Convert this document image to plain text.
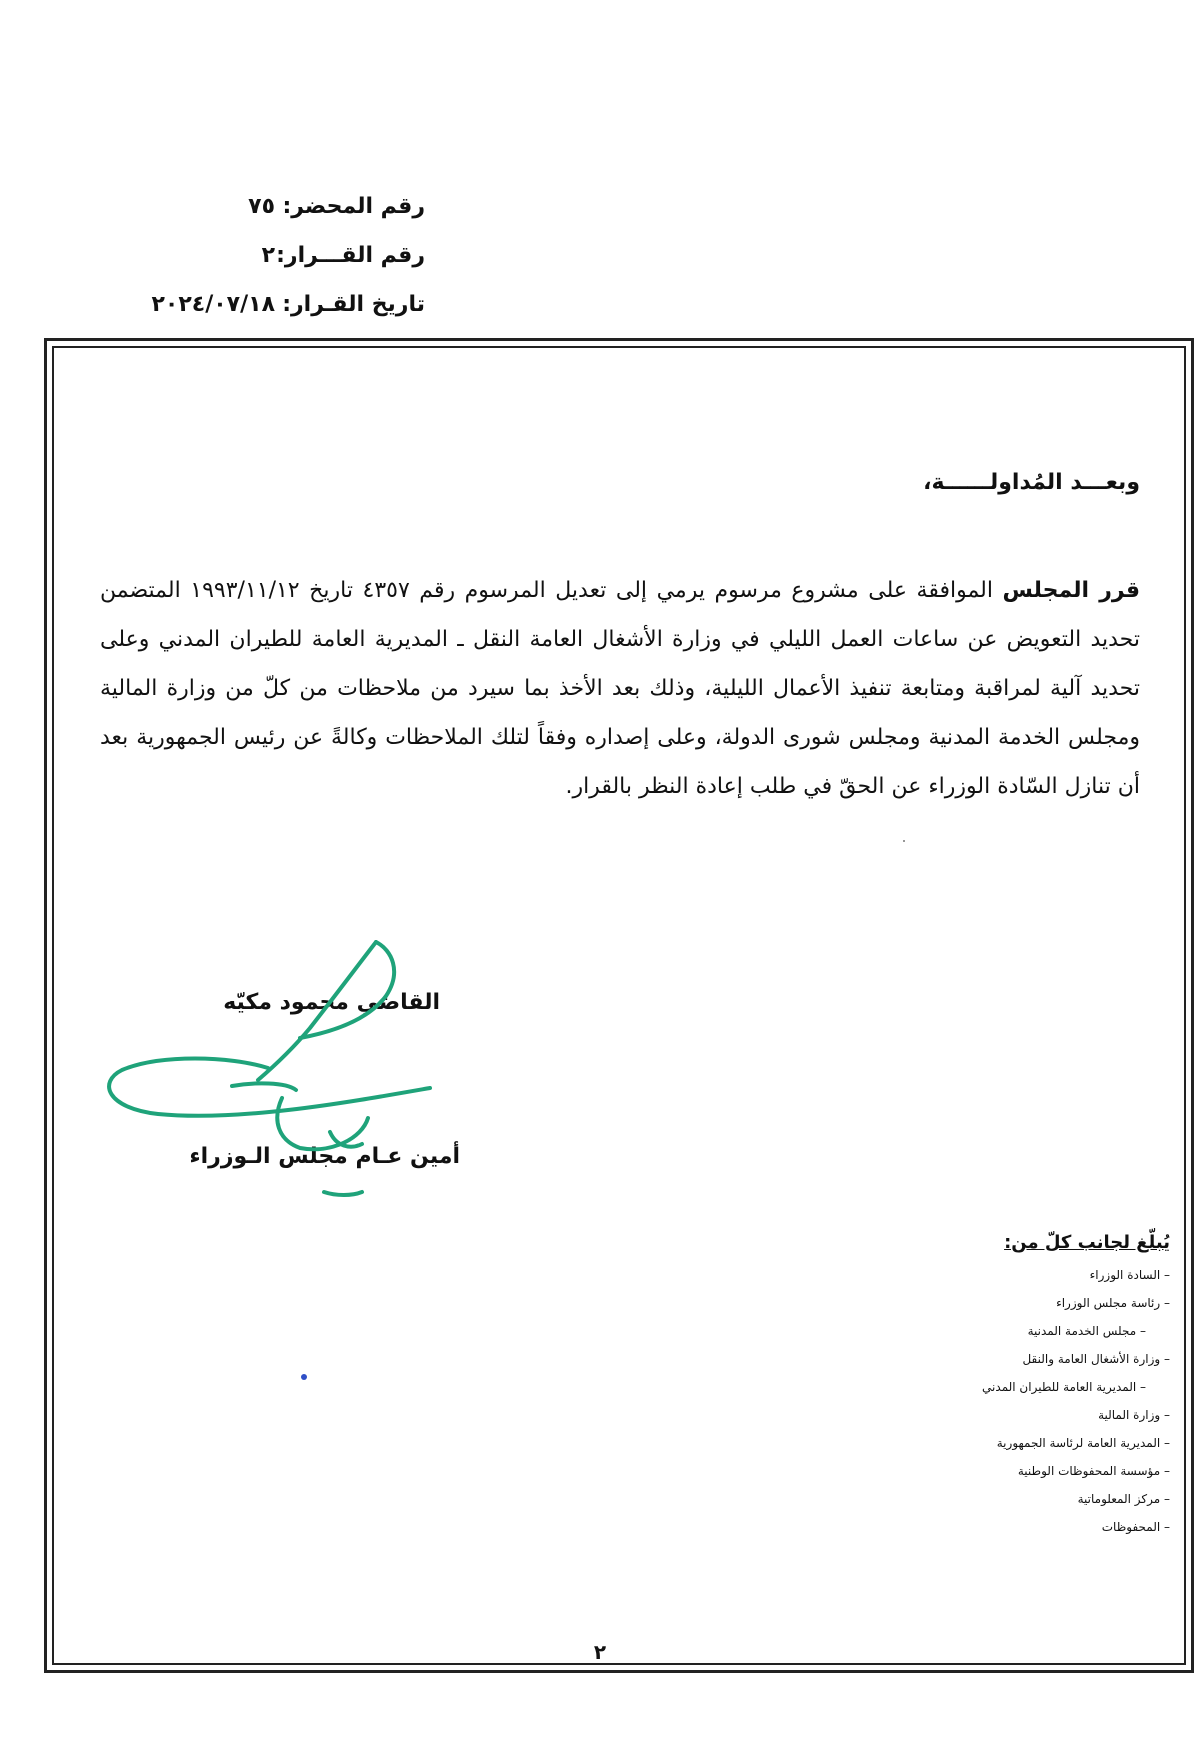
رقم المحضر:
٧٥
رقم القـــرار:
٢
تاريخ القـرار:
٢٠٢٤/٠٧/١٨
وبعـــد المُداولــــــة،
قرر المجلس الموافقة على مشروع مرسوم يرمي إلى تعديل المرسوم رقم ٤٣٥٧ تاريخ ١٩٩٣/١١/١٢ المتضمن تحديد التعويض عن ساعات العمل الليلي في وزارة الأشغال العامة النقل ـ المديرية العامة للطيران المدني وعلى تحديد آلية لمراقبة ومتابعة تنفيذ الأعمال الليلية، وذلك بعد الأخذ بما سيرد من ملاحظات من كلّ من وزارة المالية ومجلس الخدمة المدنية ومجلس شورى الدولة، وعلى إصداره وفقاً لتلك الملاحظات وكالةً عن رئيس الجمهورية بعد أن تنازل السّادة الوزراء عن الحقّ في طلب إعادة النظر بالقرار.
القاضي محمود مكيّه
أمين عـام مجلس الـوزراء
يُبلّغ لجانب كلّ من:
– السادة الوزراء
– رئاسة مجلس الوزراء
– مجلس الخدمة المدنية
– وزارة الأشغال العامة والنقل
– المديرية العامة للطيران المدني
– وزارة المالية
– المديرية العامة لرئاسة الجمهورية
– مؤسسة المحفوظات الوطنية
– مركز المعلوماتية
– المحفوظات
٢
